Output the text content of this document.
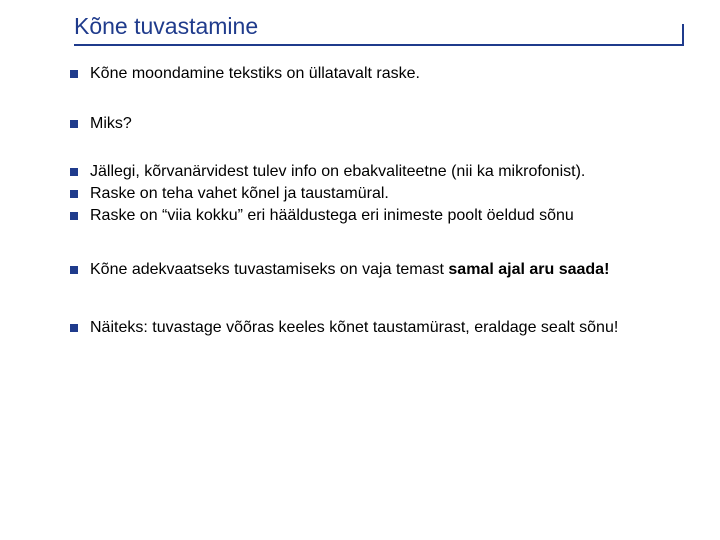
Kõne tuvastamine
Kõne moondamine tekstiks on üllatavalt raske.
Miks?
Jällegi, kõrvanärvidest tulev info on ebakvaliteetne (nii ka mikrofonist).
Raske on teha vahet kõnel ja taustamüral.
Raske on “viia kokku” eri hääldustega eri inimeste poolt öeldud sõnu
Kõne adekvaatseks tuvastamiseks on vaja temast samal ajal aru saada!
Näiteks: tuvastage võõras keeles kõnet taustamürast, eraldage sealt sõnu!
